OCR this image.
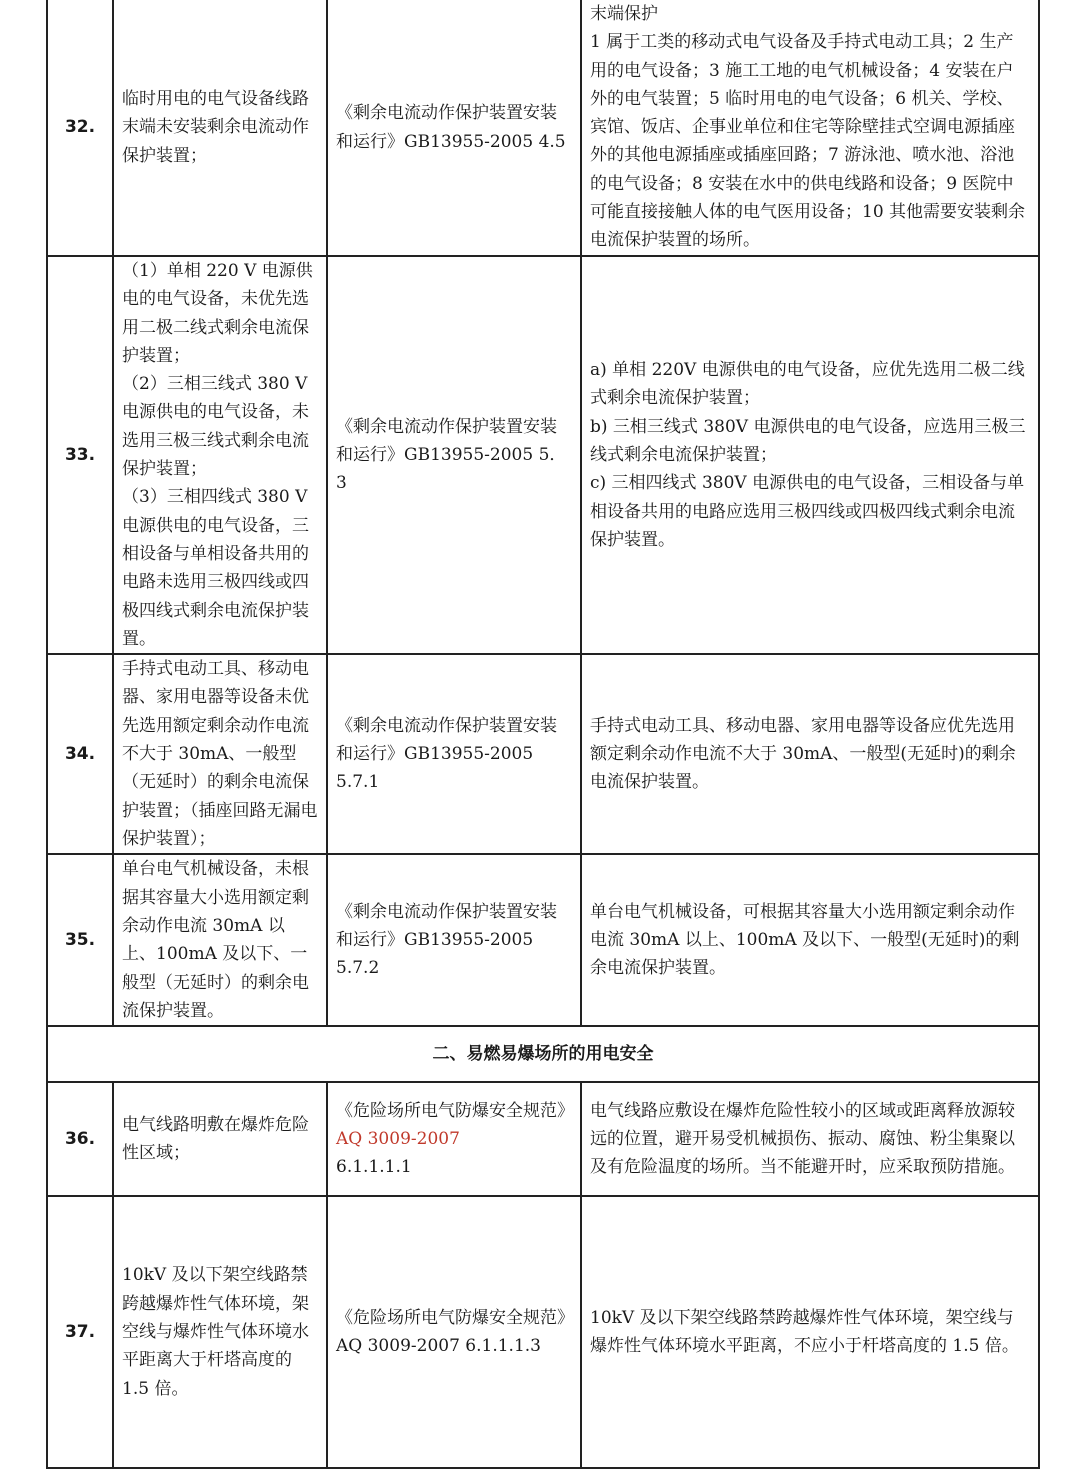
32.	临时用电的电气设备线路末端未安装剩余电流动作保护装置；	《剩余电流动作保护装置安装和运行》GB13955-2005 4.5	末端保护
1 属于工类的移动式电气设备及手持式电动工具；2 生产用的电气设备；3 施工工地的电气机械设备；4 安装在户外的电气装置；5 临时用电的电气设备；6 机关、学校、宾馆、饭店、企事业单位和住宅等除壁挂式空调电源插座外的其他电源插座或插座回路；7 游泳池、喷水池、浴池的电气设备；8 安装在水中的供电线路和设备；9 医院中可能直接接触人体的电气医用设备；10 其他需要安装剩余电流保护装置的场所。

33.	（1）单相 220 V 电源供电的电气设备，未优先选用二极二线式剩余电流保护装置；
（2）三相三线式 380 V 电源供电的电气设备，未选用三极三线式剩余电流保护装置；
（3）三相四线式 380 V 电源供电的电气设备，三相设备与单相设备共用的电路未选用三极四线或四极四线式剩余电流保护装置。	《剩余电流动作保护装置安装和运行》GB13955-2005 5．3	a) 单相 220V 电源供电的电气设备，应优先选用二极二线式剩余电流保护装置；
b) 三相三线式 380V 电源供电的电气设备，应选用三极三线式剩余电流保护装置；
c) 三相四线式 380V 电源供电的电气设备，三相设备与单相设备共用的电路应选用三极四线或四极四线式剩余电流保护装置。

34.	手持式电动工具、移动电器、家用电器等设备未优先选用额定剩余动作电流不大于 30mA、一般型（无延时）的剩余电流保护装置；（插座回路无漏电保护装置）；	《剩余电流动作保护装置安装和运行》GB13955-2005 5.7.1	手持式电动工具、移动电器、家用电器等设备应优先选用额定剩余动作电流不大于 30mA、一般型(无延时)的剩余电流保护装置。
35.	单台电气机械设备，未根据其容量大小选用额定剩余动作电流 30mA 以上、100mA 及以下、一般型（无延时）的剩余电流保护装置。	《剩余电流动作保护装置安装和运行》GB13955-2005 5.7.2	单台电气机械设备，可根据其容量大小选用额定剩余动作电流 30mA 以上、100mA 及以下、一般型(无延时)的剩余电流保护装置。
二、易燃易爆场所的用电安全			
36.	电气线路明敷在爆炸危险性区域；	《危险场所电气防爆安全规范》AQ 3009-2007
6.1.1.1.1	电气线路应敷设在爆炸危险性较小的区域或距离释放源较远的位置，避开易受机械损伤、振动、腐蚀、粉尘集聚以及有危险温度的场所。当不能避开时，应采取预防措施。
37.	10kV 及以下架空线路禁跨越爆炸性气体环境，架空线与爆炸性气体环境水平距离大于杆塔高度的 1.5 倍。	《危险场所电气防爆安全规范》AQ 3009-2007 6.1.1.1.3	10kV 及以下架空线路禁跨越爆炸性气体环境，架空线与爆炸性气体环境水平距离，不应小于杆塔高度的 1.5 倍。
